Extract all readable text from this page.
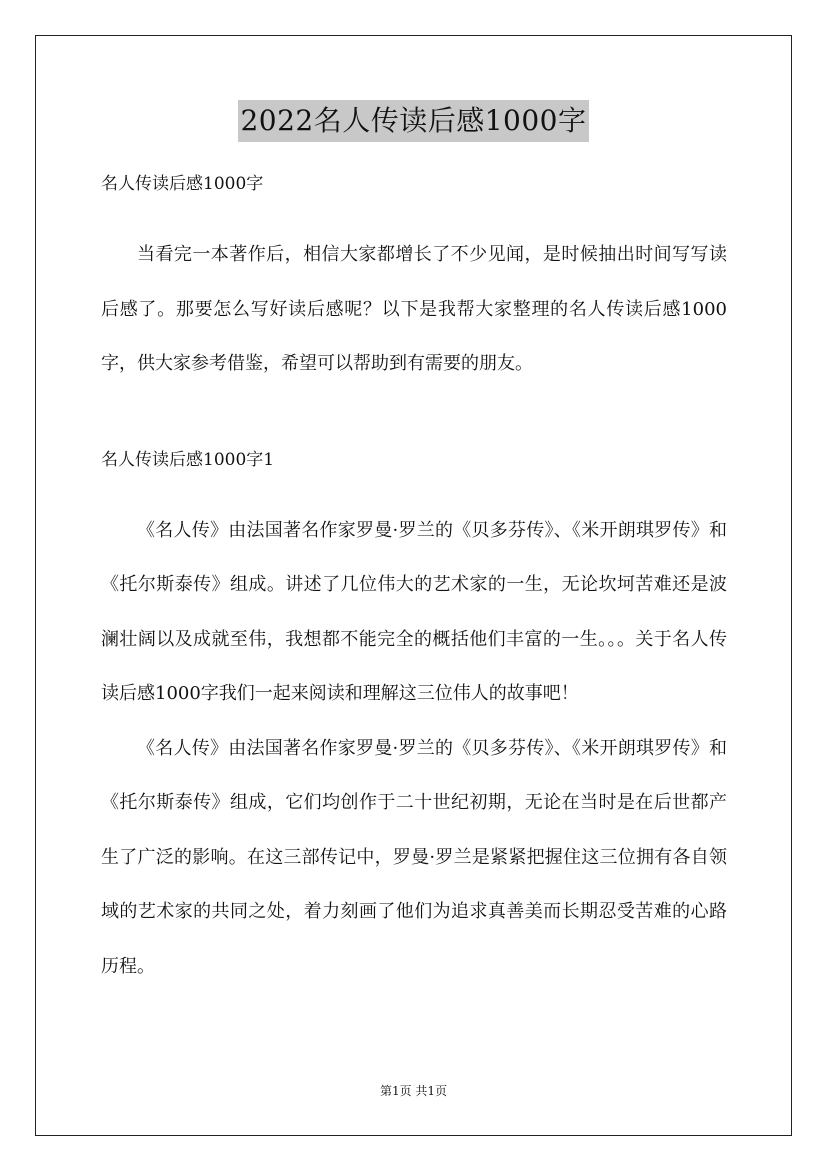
2022名人传读后感1000字

名人传读后感1000字

当看完一本著作后，相信大家都增长了不少见闻，是时候抽出时间写写读后感了。那要怎么写好读后感呢？以下是我帮大家整理的名人传读后感1000字，供大家参考借鉴，希望可以帮助到有需要的朋友。

名人传读后感1000字1

《名人传》由法国著名作家罗曼·罗兰的《贝多芬传》、《米开朗琪罗传》和《托尔斯泰传》组成。讲述了几位伟大的艺术家的一生，无论坎坷苦难还是波澜壮阔以及成就至伟，我想都不能完全的概括他们丰富的一生。。。关于名人传读后感1000字我们一起来阅读和理解这三位伟人的故事吧！

《名人传》由法国著名作家罗曼·罗兰的《贝多芬传》、《米开朗琪罗传》和《托尔斯泰传》组成，它们均创作于二十世纪初期，无论在当时是在后世都产生了广泛的影响。在这三部传记中，罗曼·罗兰是紧紧把握住这三位拥有各自领域的艺术家的共同之处，着力刻画了他们为追求真善美而长期忍受苦难的心路历程。

第1页 共1页
